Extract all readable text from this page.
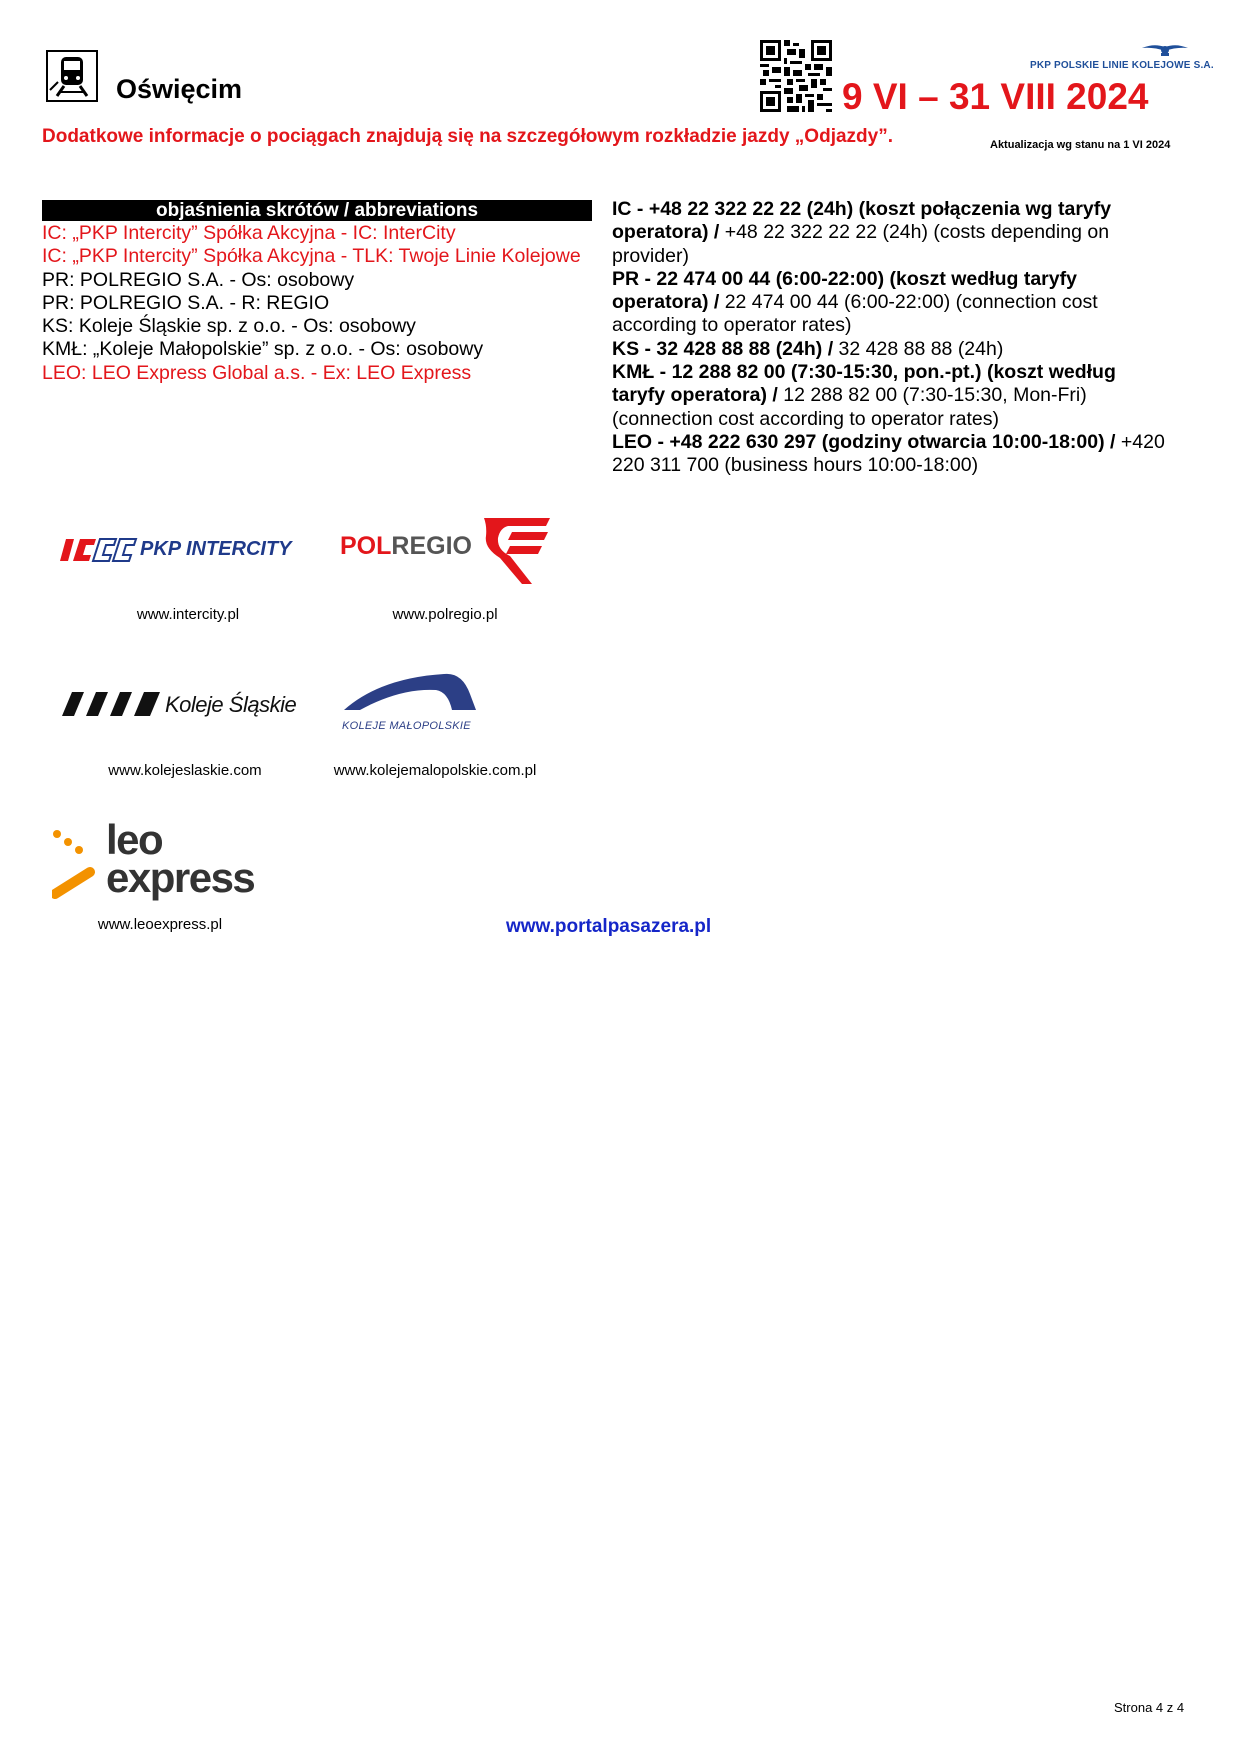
Oświęcim
PKP POLSKIE LINIE KOLEJOWE S.A.
9 VI – 31 VIII 2024
Dodatkowe informacje o pociągach znajdują się na szczegółowym rozkładzie jazdy „Odjazdy”.	Aktualizacja wg stanu na 1 VI 2024
objaśnienia skrótów / abbreviations
IC: „PKP Intercity” Spółka Akcyjna - IC: InterCity
IC: „PKP Intercity” Spółka Akcyjna - TLK: Twoje Linie Kolejowe
PR: POLREGIO S.A. - Os: osobowy
PR: POLREGIO S.A. - R: REGIO
KS: Koleje Śląskie sp. z o.o. - Os: osobowy
KMŁ: „Koleje Małopolskie” sp. z o.o. - Os: osobowy
LEO: LEO Express Global a.s. - Ex: LEO Express
IC - +48 22 322 22 22 (24h) (koszt połączenia wg taryfy operatora) / +48 22 322 22 22 (24h) (costs depending on provider)
PR - 22 474 00 44 (6:00-22:00) (koszt według taryfy operatora) / 22 474 00 44 (6:00-22:00) (connection cost according to operator rates)
KS - 32 428 88 88 (24h) / 32 428 88 88 (24h)
KMŁ - 12 288 82 00 (7:30-15:30, pon.-pt.) (koszt według taryfy operatora) / 12 288 82 00 (7:30-15:30, Mon-Fri) (connection cost according to operator rates)
LEO - +48 222 630 297 (godziny otwarcia 10:00-18:00) / +420 220 311 700 (business hours 10:00-18:00)
PKP INTERCITY
www.intercity.pl
POLREGIO
www.polregio.pl
Koleje Śląskie
www.kolejeslaskie.com
KOLEJE MAŁOPOLSKIE
www.kolejemalopolskie.com.pl
leo
express
www.leoexpress.pl	www.portalpasazera.pl
Strona 4 z 4
